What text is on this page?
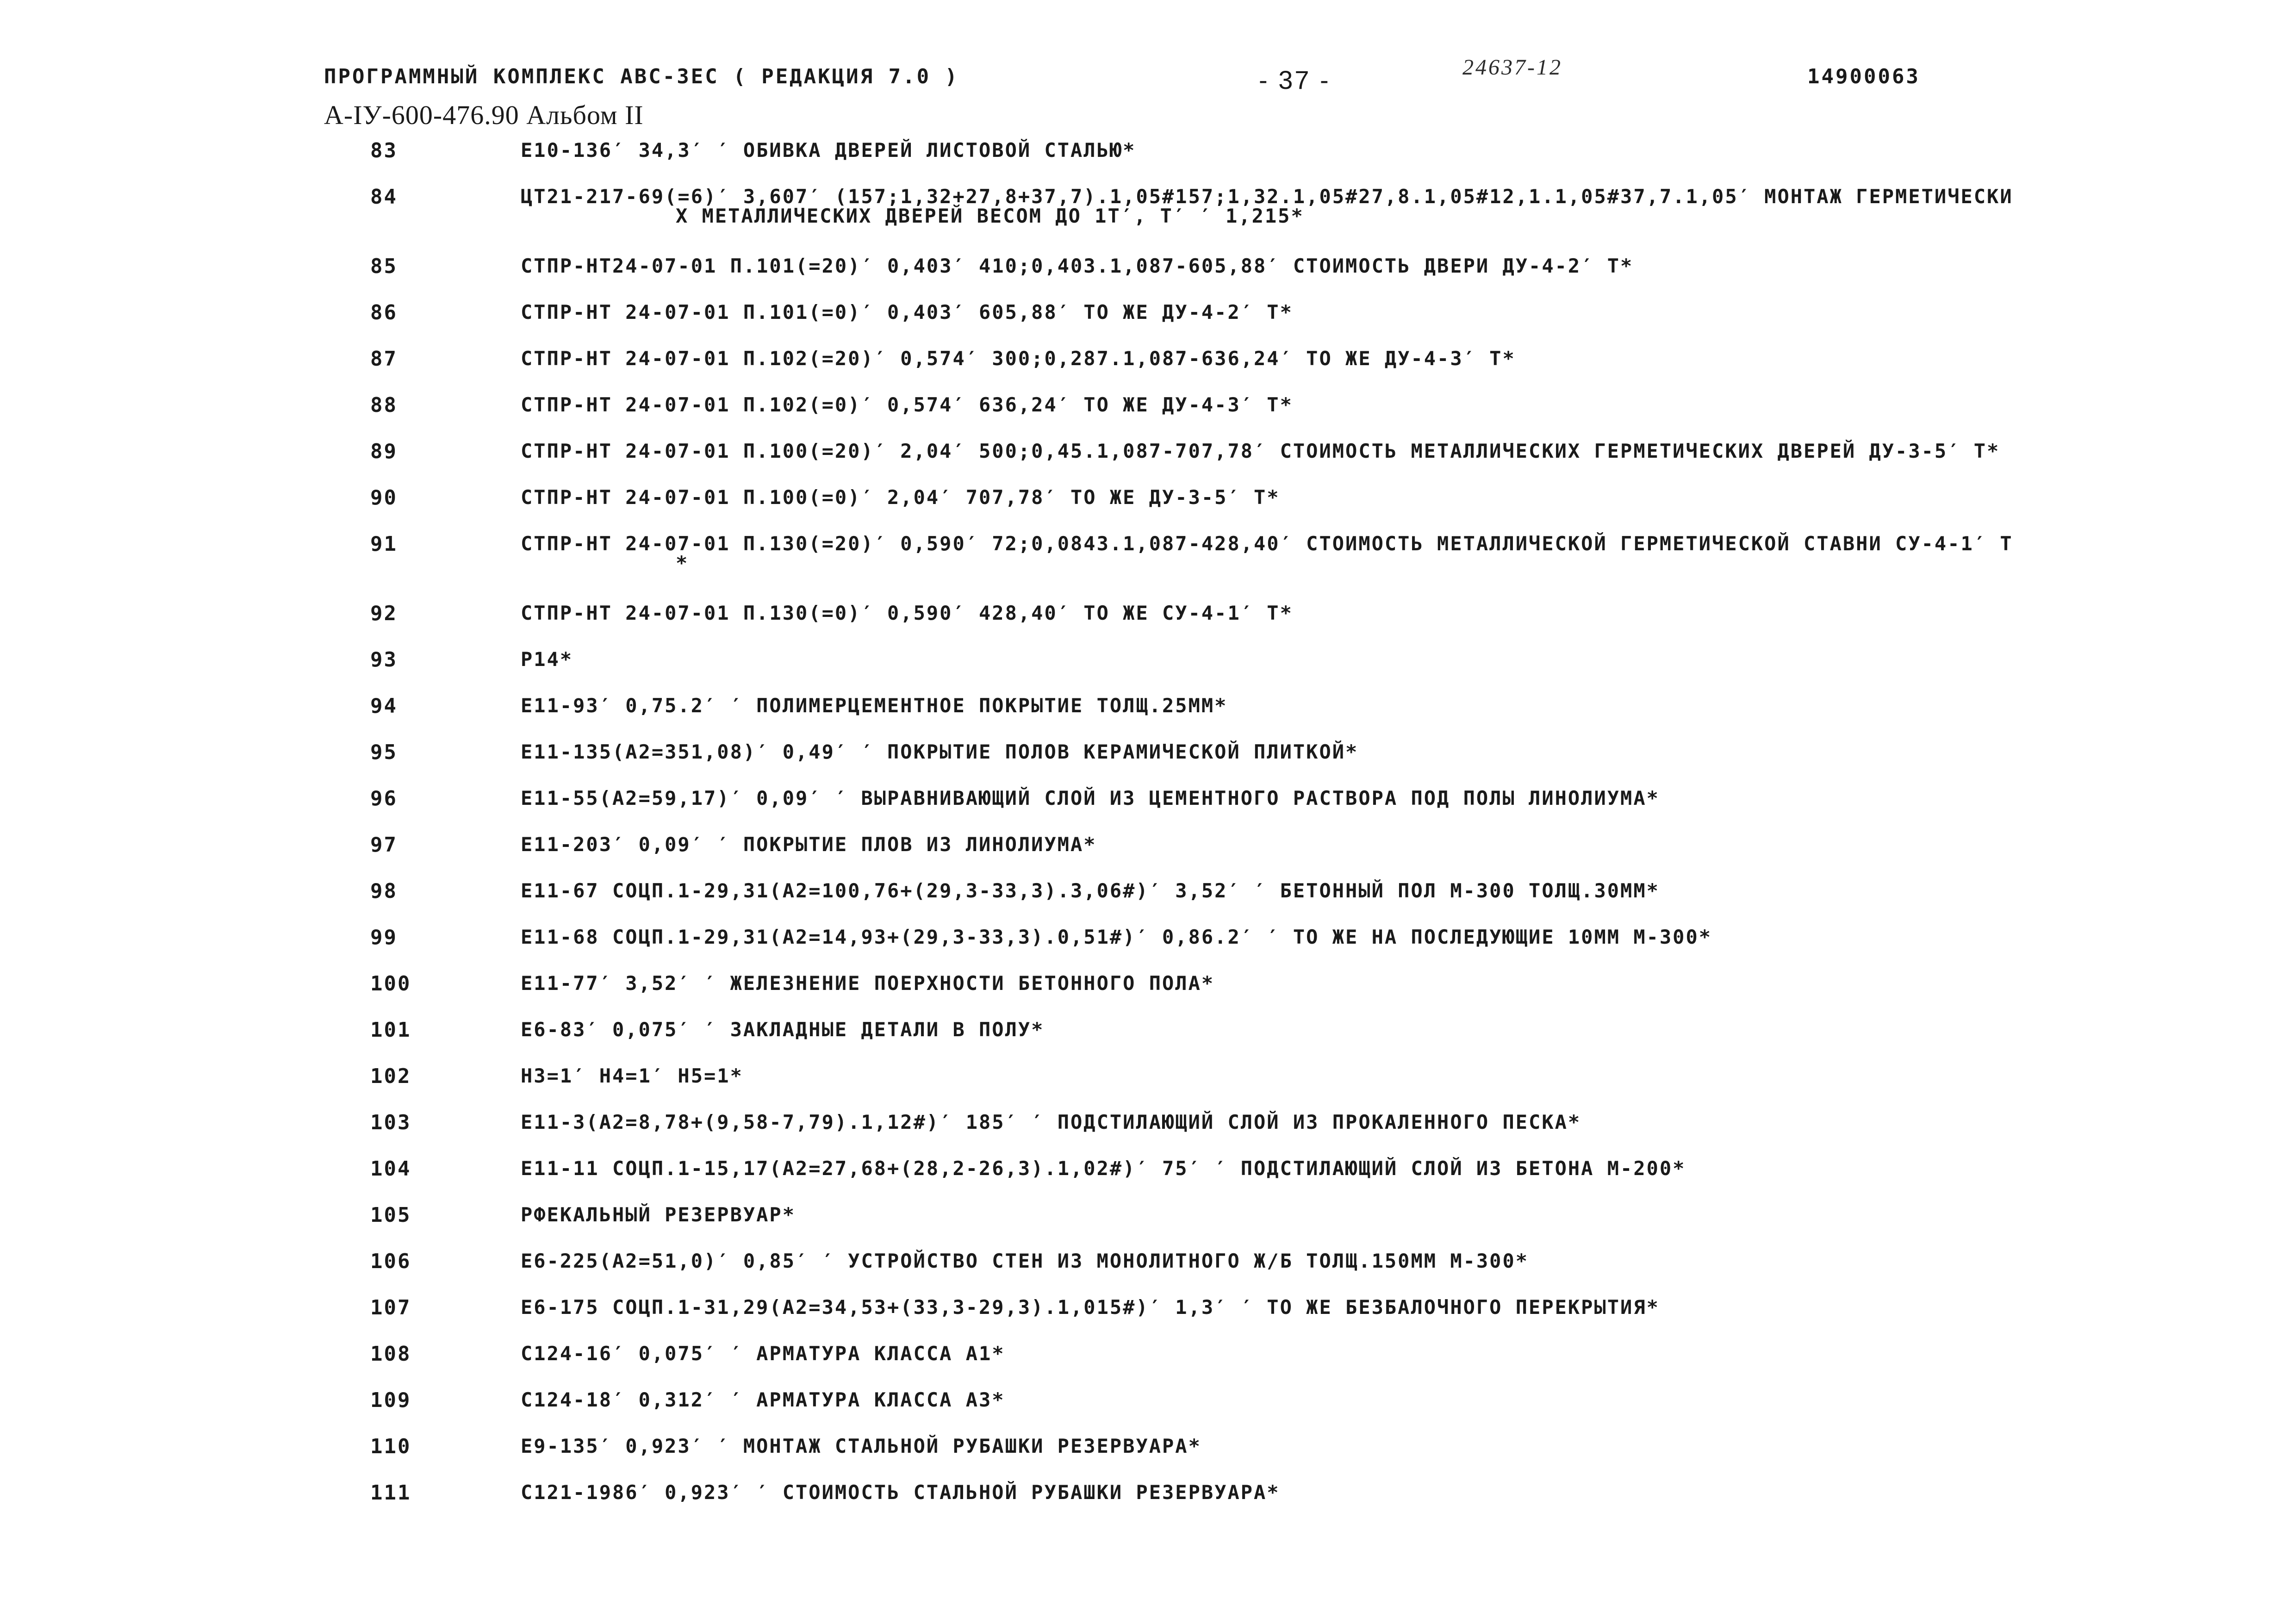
ПРОГРАММНЫЙ КОМПЛЕКС АВС-3ЕС ( РЕДАКЦИЯ 7.0 )	- 37 -	24637-12	14900063
А-IУ-600-476.90 Альбом II
83	Е10-136′ 34,3′ ′ ОБИВКА ДВЕРЕЙ ЛИСТОВОЙ СТАЛЬЮ*
84	ЦТ21-217-69(=6)′ 3,607′ (157;1,32+27,8+37,7).1,05#157;1,32.1,05#27,8.1,05#12,1.1,05#37,7.1,05′ МОНТАЖ ГЕРМЕТИЧЕСКИ
Х МЕТАЛЛИЧЕСКИХ ДВЕРЕЙ ВЕСОМ ДО 1Т′, Т′ ′ 1,215*
85	СТПР-НТ24-07-01 П.101(=20)′ 0,403′ 410;0,403.1,087-605,88′ СТОИМОСТЬ ДВЕРИ ДУ-4-2′ Т*
86	СТПР-НТ 24-07-01 П.101(=0)′ 0,403′ 605,88′ ТО ЖЕ ДУ-4-2′ Т*
87	СТПР-НТ 24-07-01 П.102(=20)′ 0,574′ 300;0,287.1,087-636,24′ ТО ЖЕ ДУ-4-3′ Т*
88	СТПР-НТ 24-07-01 П.102(=0)′ 0,574′ 636,24′ ТО ЖЕ ДУ-4-3′ Т*
89	СТПР-НТ 24-07-01 П.100(=20)′ 2,04′ 500;0,45.1,087-707,78′ СТОИМОСТЬ МЕТАЛЛИЧЕСКИХ ГЕРМЕТИЧЕСКИХ ДВЕРЕЙ ДУ-3-5′ Т*
90	СТПР-НТ 24-07-01 П.100(=0)′ 2,04′ 707,78′ ТО ЖЕ ДУ-3-5′ Т*
91	СТПР-НТ 24-07-01 П.130(=20)′ 0,590′ 72;0,0843.1,087-428,40′ СТОИМОСТЬ МЕТАЛЛИЧЕСКОЙ ГЕРМЕТИЧЕСКОЙ СТАВНИ СУ-4-1′ Т
*
92	СТПР-НТ 24-07-01 П.130(=0)′ 0,590′ 428,40′ ТО ЖЕ СУ-4-1′ Т*
93	Р14*
94	Е11-93′ 0,75.2′ ′ ПОЛИМЕРЦЕМЕНТНОЕ ПОКРЫТИЕ ТОЛЩ.25ММ*
95	Е11-135(А2=351,08)′ 0,49′ ′ ПОКРЫТИЕ ПОЛОВ КЕРАМИЧЕСКОЙ ПЛИТКОЙ*
96	Е11-55(А2=59,17)′ 0,09′ ′ ВЫРАВНИВАЮЩИЙ СЛОЙ ИЗ ЦЕМЕНТНОГО РАСТВОРА ПОД ПОЛЫ ЛИНОЛИУМА*
97	Е11-203′ 0,09′ ′ ПОКРЫТИЕ ПЛОВ ИЗ ЛИНОЛИУМА*
98	Е11-67 СОЦП.1-29,31(А2=100,76+(29,3-33,3).3,06#)′ 3,52′ ′ БЕТОННЫЙ ПОЛ М-300 ТОЛЩ.30ММ*
99	Е11-68 СОЦП.1-29,31(А2=14,93+(29,3-33,3).0,51#)′ 0,86.2′ ′ ТО ЖЕ НА ПОСЛЕДУЮЩИЕ 10ММ М-300*
100	Е11-77′ 3,52′ ′ ЖЕЛЕЗНЕНИЕ ПОЕРХНОСТИ БЕТОННОГО ПОЛА*
101	Е6-83′ 0,075′ ′ ЗАКЛАДНЫЕ ДЕТАЛИ В ПОЛУ*
102	Н3=1′ Н4=1′ Н5=1*
103	Е11-3(А2=8,78+(9,58-7,79).1,12#)′ 185′ ′ ПОДСТИЛАЮЩИЙ СЛОЙ ИЗ ПРОКАЛЕННОГО ПЕСКА*
104	Е11-11 СОЦП.1-15,17(А2=27,68+(28,2-26,3).1,02#)′ 75′ ′ ПОДСТИЛАЮЩИЙ СЛОЙ ИЗ БЕТОНА М-200*
105	РФЕКАЛЬНЫЙ РЕЗЕРВУАР*
106	Е6-225(А2=51,0)′ 0,85′ ′ УСТРОЙСТВО СТЕН ИЗ МОНОЛИТНОГО Ж/Б ТОЛЩ.150ММ М-300*
107	Е6-175 СОЦП.1-31,29(А2=34,53+(33,3-29,3).1,015#)′ 1,3′ ′ ТО ЖЕ БЕЗБАЛОЧНОГО ПЕРЕКРЫТИЯ*
108	С124-16′ 0,075′ ′ АРМАТУРА КЛАССА А1*
109	С124-18′ 0,312′ ′ АРМАТУРА КЛАССА А3*
110	Е9-135′ 0,923′ ′ МОНТАЖ СТАЛЬНОЙ РУБАШКИ РЕЗЕРВУАРА*
111	С121-1986′ 0,923′ ′ СТОИМОСТЬ СТАЛЬНОЙ РУБАШКИ РЕЗЕРВУАРА*
